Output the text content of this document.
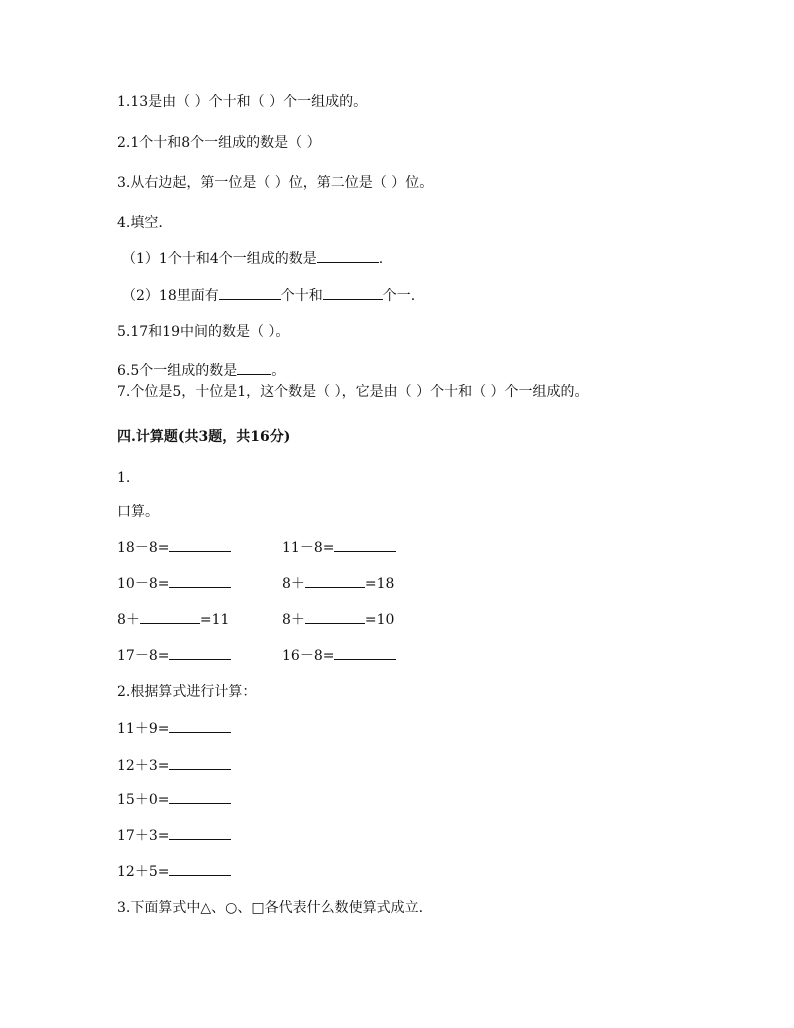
1.13是由（ ）个十和（ ）个一组成的。
2.1个十和8个一组成的数是（ ）
3.从右边起，第一位是（ ）位，第二位是（ ）位。
4.填空.
（1）1个十和4个一组成的数是	.
（2）18里面有	个十和	个一.
5.17和19中间的数是（ ）。
6.5个一组成的数是 。
7.个位是5，十位是1，这个数是（ ），它是由（ ）个十和（ ）个一组成的。
四.计算题(共3题，共16分)
1.
口算。
18－8=	11－8=
10－8=	8＋	=18
8＋	=11	8＋	=10
17－8=	16－8=
2.根据算式进行计算：
11＋9=
12＋3=
15＋0=
17＋3=
12＋5=
3.下面算式中△、○、□各代表什么数使算式成立.
